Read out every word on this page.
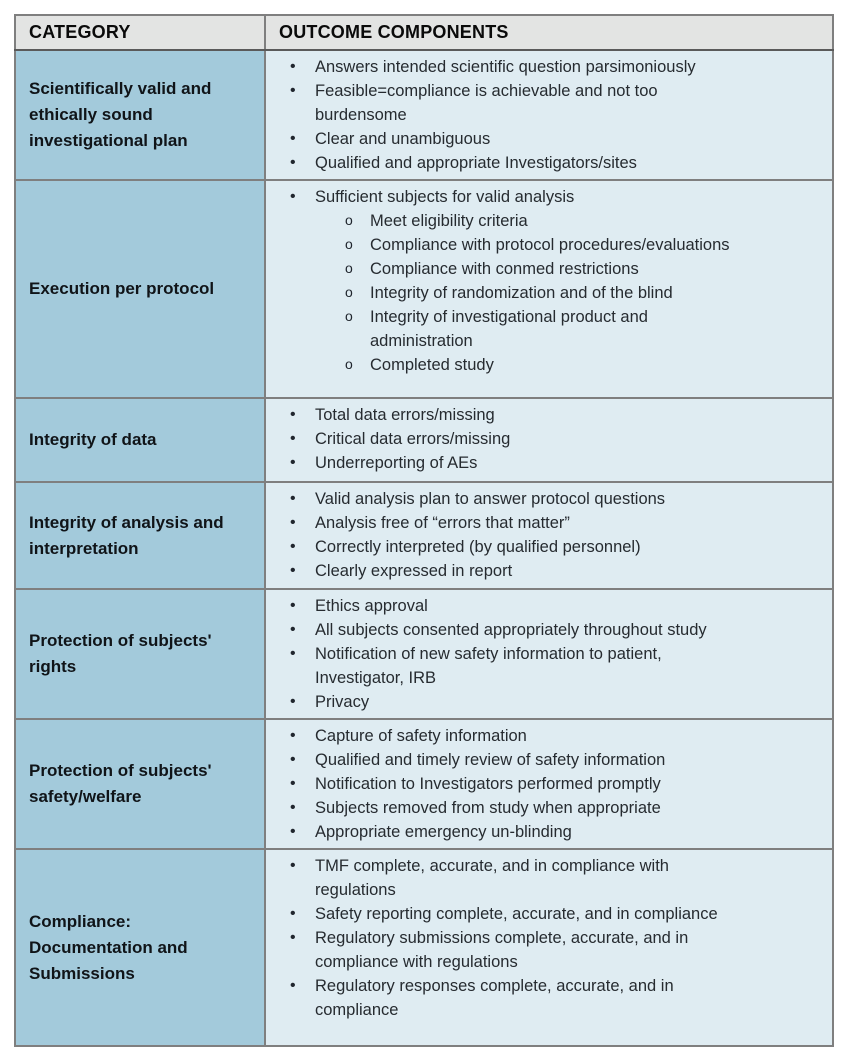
CATEGORY	OUTCOME COMPONENTS
Scientifically valid and ethically sound investigational plan	
• Answers intended scientific question parsimoniously
• Feasible=compliance is achievable and not too burdensome
• Clear and unambiguous
• Qualified and appropriate Investigators/sites

Execution per protocol	
• Sufficient subjects for valid analysis
o Meet eligibility criteria
o Compliance with protocol procedures/evaluations
o Compliance with conmed restrictions
o Integrity of randomization and of the blind
o Integrity of investigational product and administration
o Completed study

Integrity of data	
• Total data errors/missing
• Critical data errors/missing
• Underreporting of AEs

Integrity of analysis and interpretation	
• Valid analysis plan to answer protocol questions
• Analysis free of “errors that matter”
• Correctly interpreted (by qualified personnel)
• Clearly expressed in report

Protection of subjects' rights	
• Ethics approval
• All subjects consented appropriately throughout study
• Notification of new safety information to patient, Investigator, IRB
• Privacy

Protection of subjects' safety/welfare	
• Capture of safety information
• Qualified and timely review of safety information
• Notification to Investigators performed promptly
• Subjects removed from study when appropriate
• Appropriate emergency un-blinding

Compliance: Documentation and Submissions	
• TMF complete, accurate, and in compliance with regulations
• Safety reporting complete, accurate, and in compliance
• Regulatory submissions complete, accurate, and in compliance with regulations
• Regulatory responses complete, accurate, and in compliance
